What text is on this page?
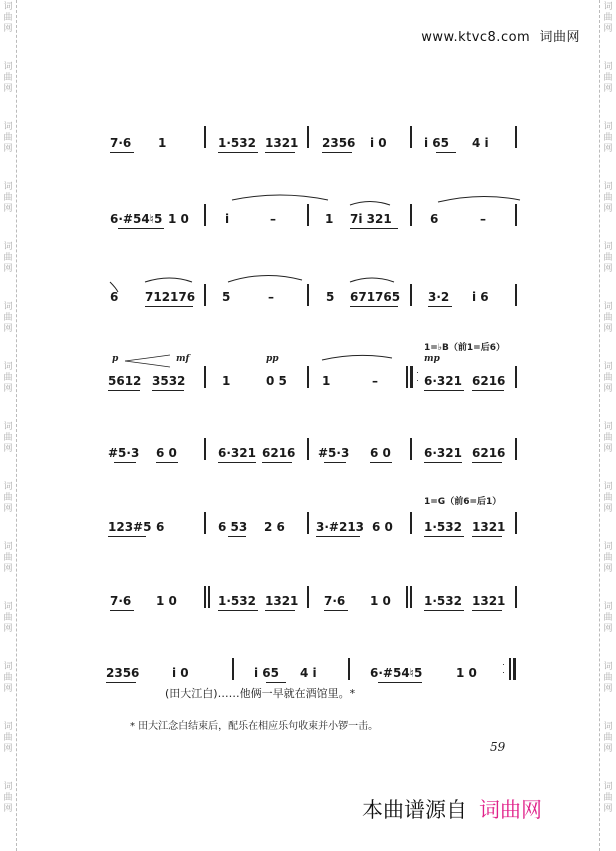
词
曲
网
词
曲
网
词
曲
网
词
曲
网
词
曲
网
词
曲
网
词
曲
网
词
曲
网
词
曲
网
词
曲
网
词
曲
网
词
曲
网
词
曲
网
词
曲
网
词
曲
网
词
曲
网
词
曲
网
词
曲
网
词
曲
网
词
曲
网
词
曲
网
词
曲
网
词
曲
网
词
曲
网
词
曲
网
词
曲
网
词
曲
网
词
曲
网
www.ktvc8.com 词曲网
7·6 1	1·532 1321 2356 i 0	i 65 4 i
6·#54♮5 1 0	i	–	1 7i 321	6	–
6 712176 5	–	5 671765 3·2 i 6
1=♭B（前1=后6）
p	mf	pp	mp
5612 3532	1	0 5	1	–
·
· 6·321 6216
#5·3 6 0	6·321 6216 #5·3 6 0	6·321 6216
1=G（前6=后1）
123#5 6	6 53 2 6	3·#213 6 0	1·532 1321
7·6 1 0	1·532 1321 7·6 1 0	1·532 1321
2356	i 0	i 65 4 i	6·#54♮5	1 0
·
·
(田大江白)……他俩一早就在酒馆里。*
* 田大江念白结束后，配乐在相应乐句收束并小锣一击。
59
本曲谱源自 词曲网
